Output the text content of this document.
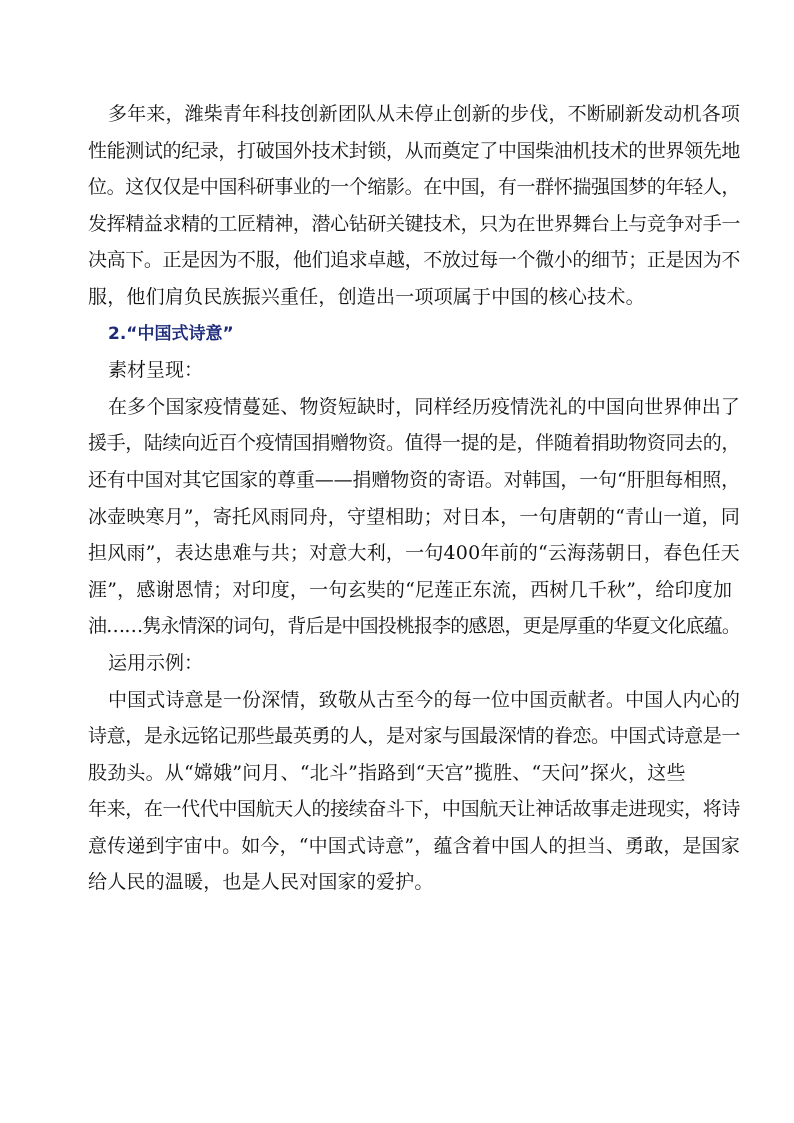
多年来，潍柴青年科技创新团队从未停止创新的步伐，不断刷新发动机各项
性能测试的纪录，打破国外技术封锁，从而奠定了中国柴油机技术的世界领先地
位。这仅仅是中国科研事业的一个缩影。在中国，有一群怀揣强国梦的年轻人，
发挥精益求精的工匠精神，潜心钻研关键技术，只为在世界舞台上与竞争对手一
决高下。正是因为不服，他们追求卓越，不放过每一个微小的细节；正是因为不
服，他们肩负民族振兴重任，创造出一项项属于中国的核心技术。

2.“中国式诗意”

素材呈现：

在多个国家疫情蔓延、物资短缺时，同样经历疫情洗礼的中国向世界伸出了
援手，陆续向近百个疫情国捐赠物资。值得一提的是，伴随着捐助物资同去的，
还有中国对其它国家的尊重——捐赠物资的寄语。对韩国，一句“肝胆每相照，
冰壶映寒月”，寄托风雨同舟，守望相助；对日本，一句唐朝的“青山一道，同
担风雨”，表达患难与共；对意大利，一句400年前的“云海荡朝日，春色任天
涯”，感谢恩情；对印度，一句玄奘的“尼莲正东流，西树几千秋”，给印度加
油……隽永情深的词句，背后是中国投桃报李的感恩，更是厚重的华夏文化底蕴。

运用示例：

中国式诗意是一份深情，致敬从古至今的每一位中国贡献者。中国人内心的
诗意，是永远铭记那些最英勇的人，是对家与国最深情的眷恋。中国式诗意是一
股劲头。从“嫦娥”问月、“北斗”指路到“天宫”揽胜、“天问”探火，这些
年来，在一代代中国航天人的接续奋斗下，中国航天让神话故事走进现实，将诗
意传递到宇宙中。如今，“中国式诗意”，蕴含着中国人的担当、勇敢，是国家
给人民的温暖，也是人民对国家的爱护。
